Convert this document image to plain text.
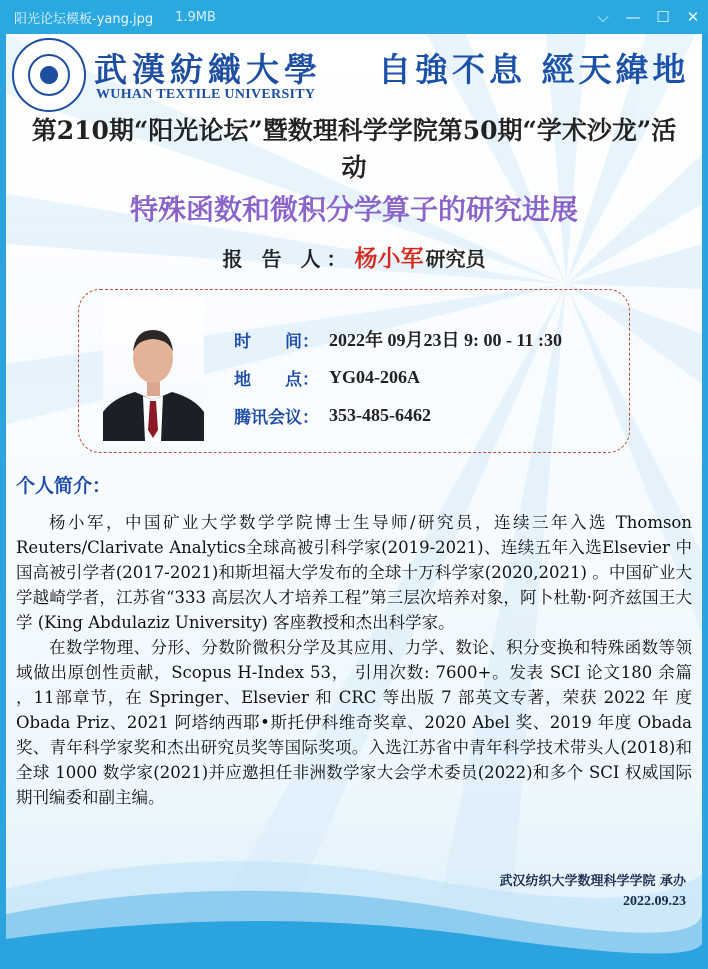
阳光论坛模板-yang.jpg 1.9MB	⌵	—	☐	✕
武漢紡織大學
WUHAN TEXTILE UNIVERSITY
自強不息 經天緯地
第210期“阳光论坛”暨数理科学学院第50期“学术沙龙”活动
特殊函数和微积分学算子的研究进展
报 告 人：杨小军 研究员
时　　间： 2022年 09月23日 9: 00 - 11 :30
地　　点： YG04-206A
腾讯会议： 353-485-6462
个人简介：

杨小军，中国矿业大学数学学院博士生导师/研究员，连续三年入选 Thomson Reuters/Clarivate Analytics全球高被引科学家(2019-2021)、连续五年入选Elsevier 中国高被引学者(2017-2021)和斯坦福大学发布的全球十万科学家(2020,2021) 。中国矿业大学越崎学者，江苏省“333 高层次人才培养工程”第三层次培养对象，阿卜杜勒·阿齐兹国王大学 (King Abdulaziz University) 客座教授和杰出科学家。

在数学物理、分形、分数阶微积分学及其应用、力学、数论、积分变换和特殊函数等领域做出原创性贡献，Scopus H-Index 53， 引用次数: 7600+。发表 SCI 论文180 余篇 ，11部章节，在 Springer、Elsevier 和 CRC 等出版 7 部英文专著，荣获 2022 年 度 Obada Priz、2021 阿塔纳西耶•斯托伊科维奇奖章、2020 Abel 奖、2019 年度 Obada 奖、青年科学家奖和杰出研究员奖等国际奖项。入选江苏省中青年科学技术带头人(2018)和全球 1000 数学家(2021)并应邀担任非洲数学家大会学术委员(2022)和多个 SCI 权威国际期刊编委和副主编。

武汉纺织大学数理科学学院 承办
2022.09.23
